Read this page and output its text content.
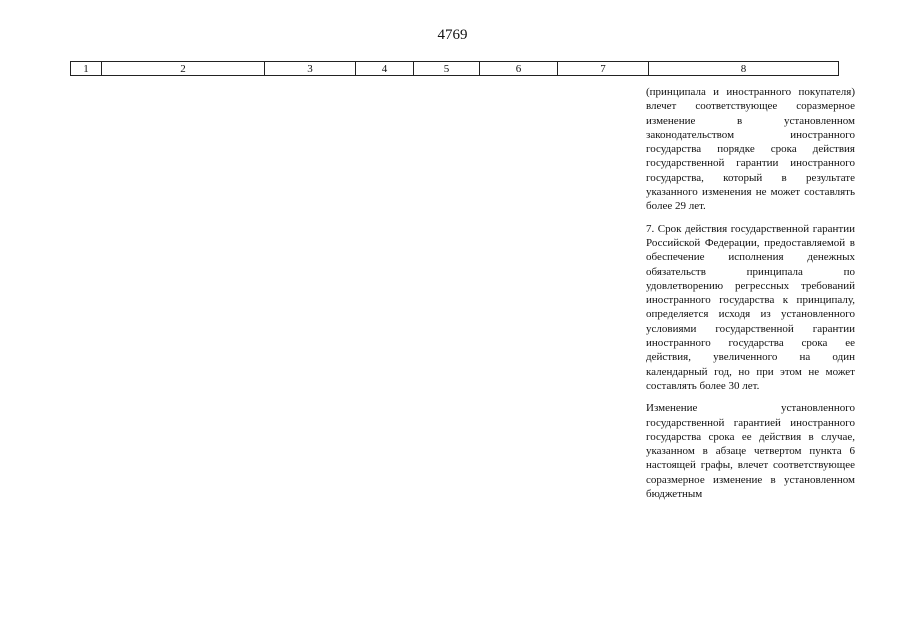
4769
1	2	3	4	5	6	7	8

(принципала и иностранного покупателя) влечет соответствующее соразмерное изменение в установленном законодательством иностранного государства порядке срока действия государственной гарантии иностранного государства, который в результате указанного изменения не может составлять более 29 лет.

7. Срок действия государственной гарантии Российской Федерации, предоставляемой в обеспечение исполнения денежных обязательств принципала по удовлетворению регрессных требований иностранного государства к принципалу, определяется исходя из установленного условиями государственной гарантии иностранного государства срока ее действия, увеличенного на один календарный год, но при этом не может составлять более 30 лет.

Изменение установленного государственной гарантией иностранного государства срока ее действия в случае, указанном в абзаце четвертом пункта 6 настоящей графы, влечет соответствующее соразмерное изменение в установленном бюджетным
